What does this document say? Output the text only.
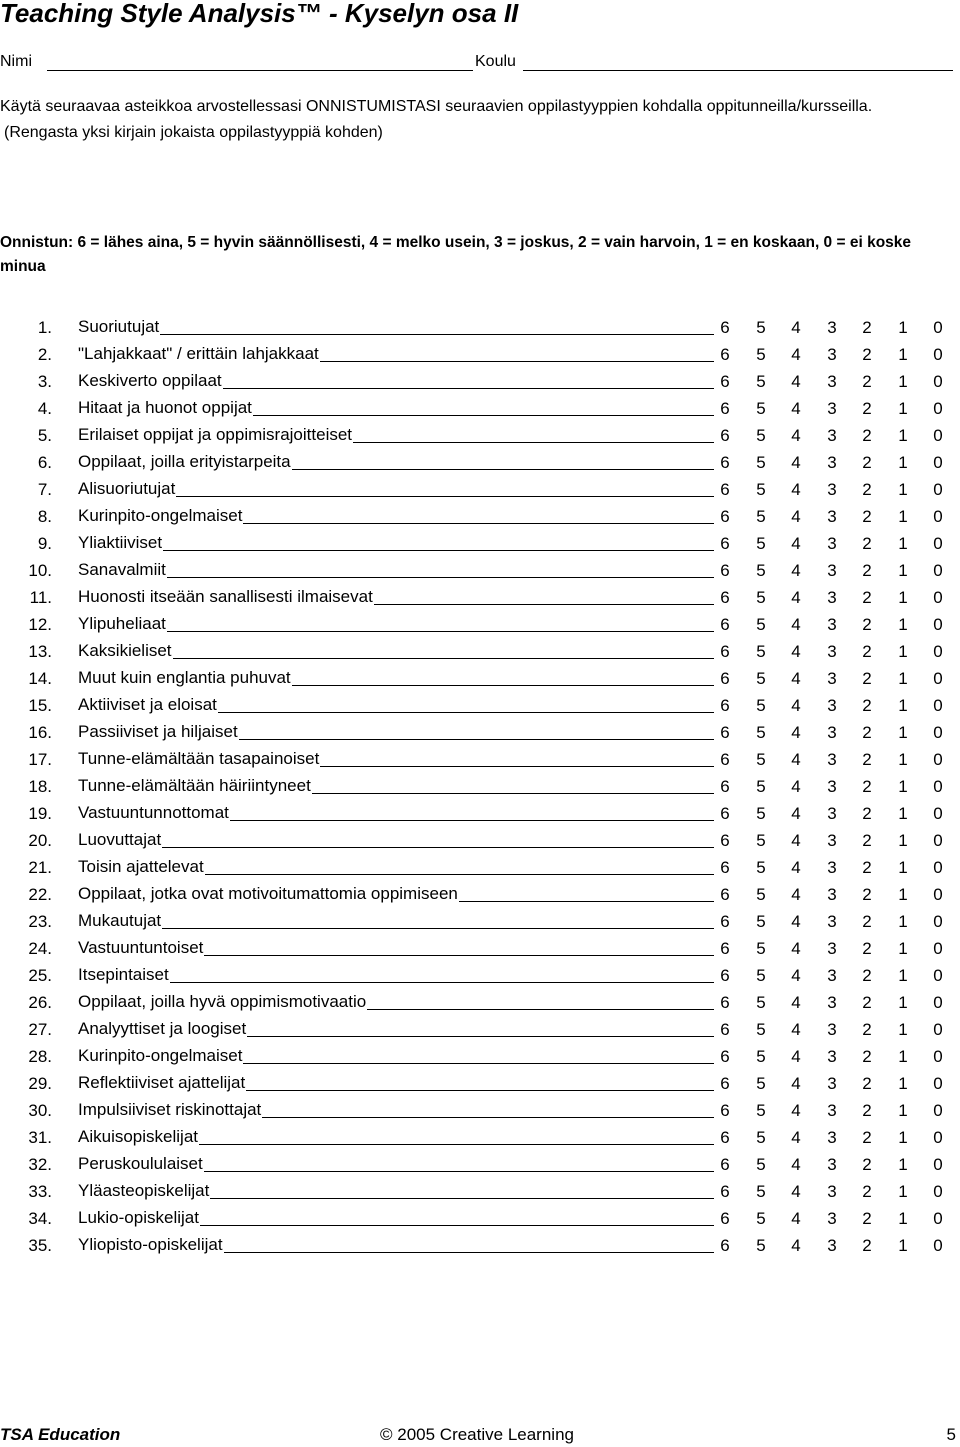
Teaching Style Analysis™ - Kyselyn osa II
Nimi	Koulu
Käytä seuraavaa asteikkoa arvostellessasi ONNISTUMISTASI seuraavien oppilastyyppien kohdalla oppitunneilla/kursseilla.
(Rengasta yksi kirjain jokaista oppilastyyppiä kohden)
Onnistun: 6 = lähes aina, 5 = hyvin säännöllisesti, 4 = melko usein, 3 = joskus, 2 = vain harvoin, 1 = en koskaan, 0 = ei koske minua
1. Suoriutujat	6	5	4	3	2	1	0
2. "Lahjakkaat" / erittäin lahjakkaat	6	5	4	3	2	1	0
3. Keskiverto oppilaat	6	5	4	3	2	1	0
4. Hitaat ja huonot oppijat	6	5	4	3	2	1	0
5. Erilaiset oppijat ja oppimisrajoitteiset	6	5	4	3	2	1	0
6. Oppilaat, joilla erityistarpeita	6	5	4	3	2	1	0
7. Alisuoriutujat	6	5	4	3	2	1	0
8. Kurinpito-ongelmaiset	6	5	4	3	2	1	0
9. Yliaktiiviset	6	5	4	3	2	1	0
10. Sanavalmiit	6	5	4	3	2	1	0
11. Huonosti itseään sanallisesti ilmaisevat	6	5	4	3	2	1	0
12. Ylipuheliaat	6	5	4	3	2	1	0
13. Kaksikieliset	6	5	4	3	2	1	0
14. Muut kuin englantia puhuvat	6	5	4	3	2	1	0
15. Aktiiviset ja eloisat	6	5	4	3	2	1	0
16. Passiiviset ja hiljaiset	6	5	4	3	2	1	0
17. Tunne-elämältään tasapainoiset	6	5	4	3	2	1	0
18. Tunne-elämältään häiriintyneet	6	5	4	3	2	1	0
19. Vastuuntunnottomat	6	5	4	3	2	1	0
20. Luovuttajat	6	5	4	3	2	1	0
21. Toisin ajattelevat	6	5	4	3	2	1	0
22. Oppilaat, jotka ovat motivoitumattomia oppimiseen	6	5	4	3	2	1	0
23. Mukautujat	6	5	4	3	2	1	0
24. Vastuuntuntoiset	6	5	4	3	2	1	0
25. Itsepintaiset	6	5	4	3	2	1	0
26. Oppilaat, joilla hyvä oppimismotivaatio	6	5	4	3	2	1	0
27. Analyyttiset ja loogiset	6	5	4	3	2	1	0
28. Kurinpito-ongelmaiset	6	5	4	3	2	1	0
29. Reflektiiviset ajattelijat	6	5	4	3	2	1	0
30. Impulsiiviset riskinottajat	6	5	4	3	2	1	0
31. Aikuisopiskelijat	6	5	4	3	2	1	0
32. Peruskoululaiset	6	5	4	3	2	1	0
33. Yläasteopiskelijat	6	5	4	3	2	1	0
34. Lukio-opiskelijat	6	5	4	3	2	1	0
35. Yliopisto-opiskelijat	6	5	4	3	2	1	0
TSA Education	© 2005 Creative Learning	5
